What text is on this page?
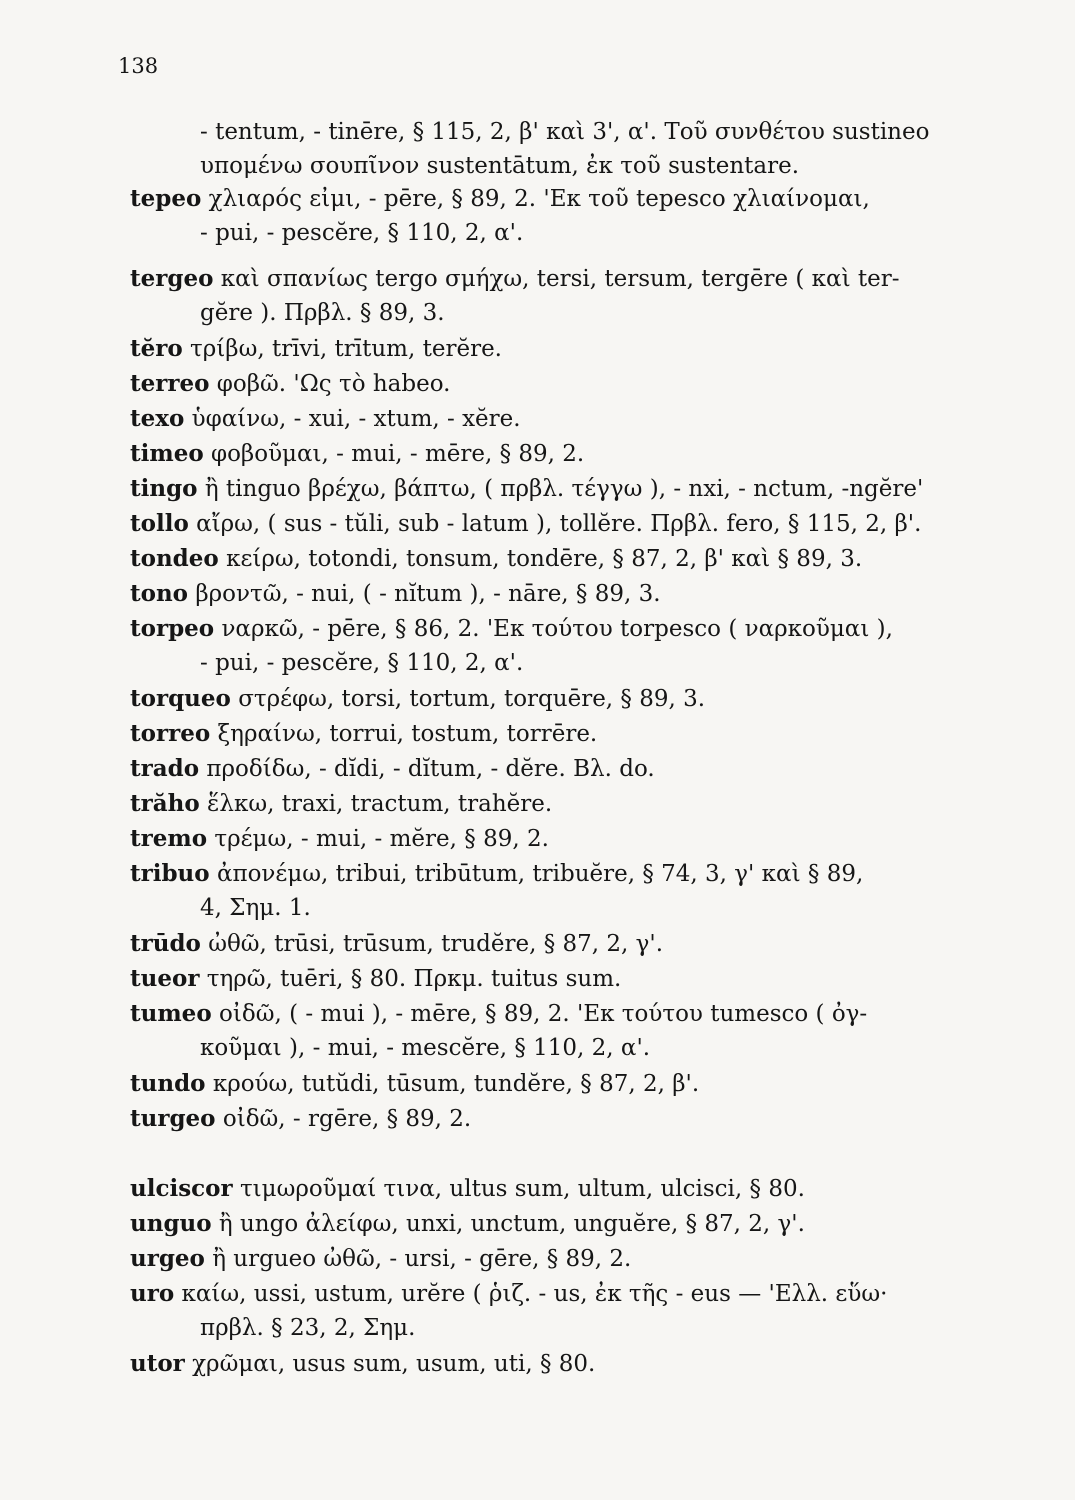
138
- tentum, - tinēre, § 115, 2, β' καὶ 3', α'. Τοῦ συνθέτου sustineo
υπομένω σουπῖνον sustentātum, ἐκ τοῦ sustentare.
tepeo χλιαρός εἰμι, - pēre, § 89, 2. 'Εκ τοῦ tepesco χλιαίνομαι,
- pui, - pescĕre, § 110, 2, α'.
tergeo καὶ σπανίως tergo σμήχω, tersi, tersum, tergēre ( καὶ ter-
gĕre ). Πρβλ. § 89, 3.
tĕro τρίβω, trīvi, trītum, terĕre.
terreo φοβῶ. 'Ως τὸ habeo.
texo ὑφαίνω, - xui, - xtum, - xĕre.
timeo φοβοῦμαι, - mui, - mēre, § 89, 2.
tingo ἢ tinguo βρέχω, βάπτω, ( πρβλ. τέγγω ), - nxi, - nctum, -ngĕre'
tollo αἴρω, ( sus - tŭli, sub - latum ), tollĕre. Πρβλ. fero, § 115, 2, β'.
tondeo κείρω, totondi, tonsum, tondēre, § 87, 2, β' καὶ § 89, 3.
tono βροντῶ, - nui, ( - nĭtum ), - nāre, § 89, 3.
torpeo ναρκῶ, - pēre, § 86, 2. 'Εκ τούτου torpesco ( ναρκοῦμαι ),
- pui, - pescĕre, § 110, 2, α'.
torqueo στρέφω, torsi, tortum, torquēre, § 89, 3.
torreo ξηραίνω, torrui, tostum, torrēre.
trado προδίδω, - dĭdi, - dĭtum, - dĕre. Βλ. do.
trăho ἕλκω, traxi, tractum, trahĕre.
tremo τρέμω, - mui, - mĕre, § 89, 2.
tribuo ἀπονέμω, tribui, tribūtum, tribuĕre, § 74, 3, γ' καὶ § 89,
4, Σημ. 1.
trūdo ὠθῶ, trūsi, trūsum, trudĕre, § 87, 2, γ'.
tueor τηρῶ, tuēri, § 80. Πρκμ. tuitus sum.
tumeo οἰδῶ, ( - mui ), - mēre, § 89, 2. 'Εκ τούτου tumesco ( ὀγ-
κοῦμαι ), - mui, - mescĕre, § 110, 2, α'.
tundo κρούω, tutŭdi, tūsum, tundĕre, § 87, 2, β'.
turgeo οἰδῶ, - rgēre, § 89, 2.
ulciscor τιμωροῦμαί τινα, ultus sum, ultum, ulcisci, § 80.
unguo ἢ ungo ἀλείφω, unxi, unctum, unguĕre, § 87, 2, γ'.
urgeo ἢ urgueo ὠθῶ, - ursi, - gēre, § 89, 2.
uro καίω, ussi, ustum, urĕre ( ῥιζ. - us, ἐκ τῆς - eus — 'Ελλ. εὕω·
πρβλ. § 23, 2, Σημ.
utor χρῶμαι, usus sum, usum, uti, § 80.
